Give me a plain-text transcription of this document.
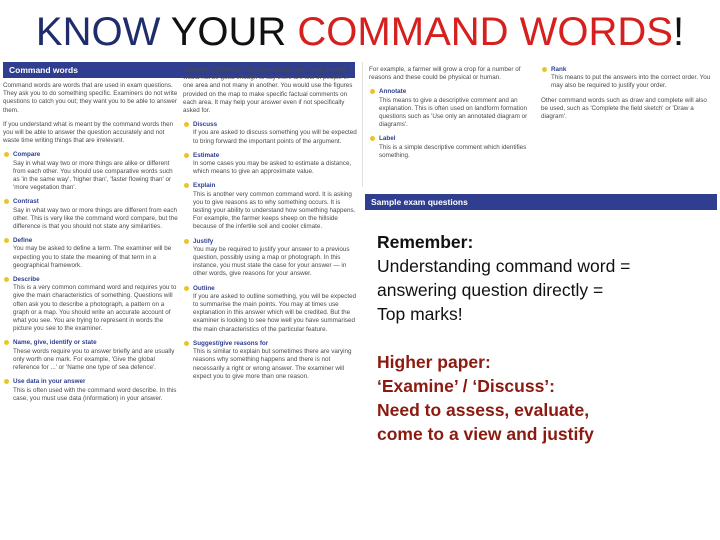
KNOW YOUR COMMAND WORDS!
Command words

Command words are words that are used in exam questions. They ask you to do something specific. Examiners do not write questions to catch you out; they want you to be able to answer them.

If you understand what is meant by the command words then you will be able to answer the question accurately and not waste time writing things that are irrelevant.

Compare
Say in what way two or more things are alike or different from each other. You should use comparative words such as 'in the same way', 'higher than', 'faster flowing than' or 'more vegetation than'.
Contrast
Say in what way two or more things are different from each other. This is very like the command word compare, but the difference is that you should not state any similarities.
Define
You may be asked to define a term. The examiner will be expecting you to state the meaning of that term in a geographical framework.
Describe
This is a very common command word and requires you to give the main characteristics of something. Questions will often ask you to describe a photograph, a pattern on a graph or a map. You should write an accurate account of what you see. You are trying to represent in words the picture you see to the examiner.
Name, give, identify or state
These words require you to answer briefly and are usually only worth one mark. For example, 'Give the global reference for ...' or 'Name one type of sea defence'.
Use data in your answer
This is often used with the command word describe. In this case, you must use data (information) in your answer.

population distribution on a map using data in your answer, it would not be good enough to say there are lots of people in one area and not many in another. You would use the figures provided on the map to make specific factual comments on each area. It may help your answer even if not specifically asked for.

Discuss
If you are asked to discuss something you will be expected to bring forward the important points of the argument.
Estimate
In some cases you may be asked to estimate a distance, which means to give an approximate value.
Explain
This is another very common command word. It is asking you to give reasons as to why something occurs. It is testing your ability to understand how something happens. For example, the farmer keeps sheep on the hillside because of the infertile soil and cooler climate.
Justify
You may be required to justify your answer to a previous question, possibly using a map or photograph. In this instance, you must state the case for your answer — in other words, give reasons for your answer.
Outline
If you are asked to outline something, you will be expected to summarise the main points. You may at times use explanation in this answer which will be credited. But the examiner is looking to see how well you have summarised the main characteristics of the particular feature.
Suggest/give reasons for
This is similar to explain but sometimes there are varying reasons why something happens and there is not necessarily a right or wrong answer. The examiner will expect you to give more than one reason.

For example, a farmer will grow a crop for a number of reasons and these could be physical or human.

Annotate
This means to give a descriptive comment and an explanation. This is often used on landform formation questions such as 'Use only an annotated diagram or diagrams'.
Label
This is a simple descriptive comment which identifies something.
Rank
This means to put the answers into the correct order. You may also be required to justify your order.

Other command words such as draw and complete will also be used, such as 'Complete the field sketch' or 'Draw a diagram'.

Sample exam questions
Remember:
Understanding command word =
answering question directly =
Top marks!
Higher paper:
‘Examine’ / ‘Discuss’:
Need to assess, evaluate,
come to a view and justify
